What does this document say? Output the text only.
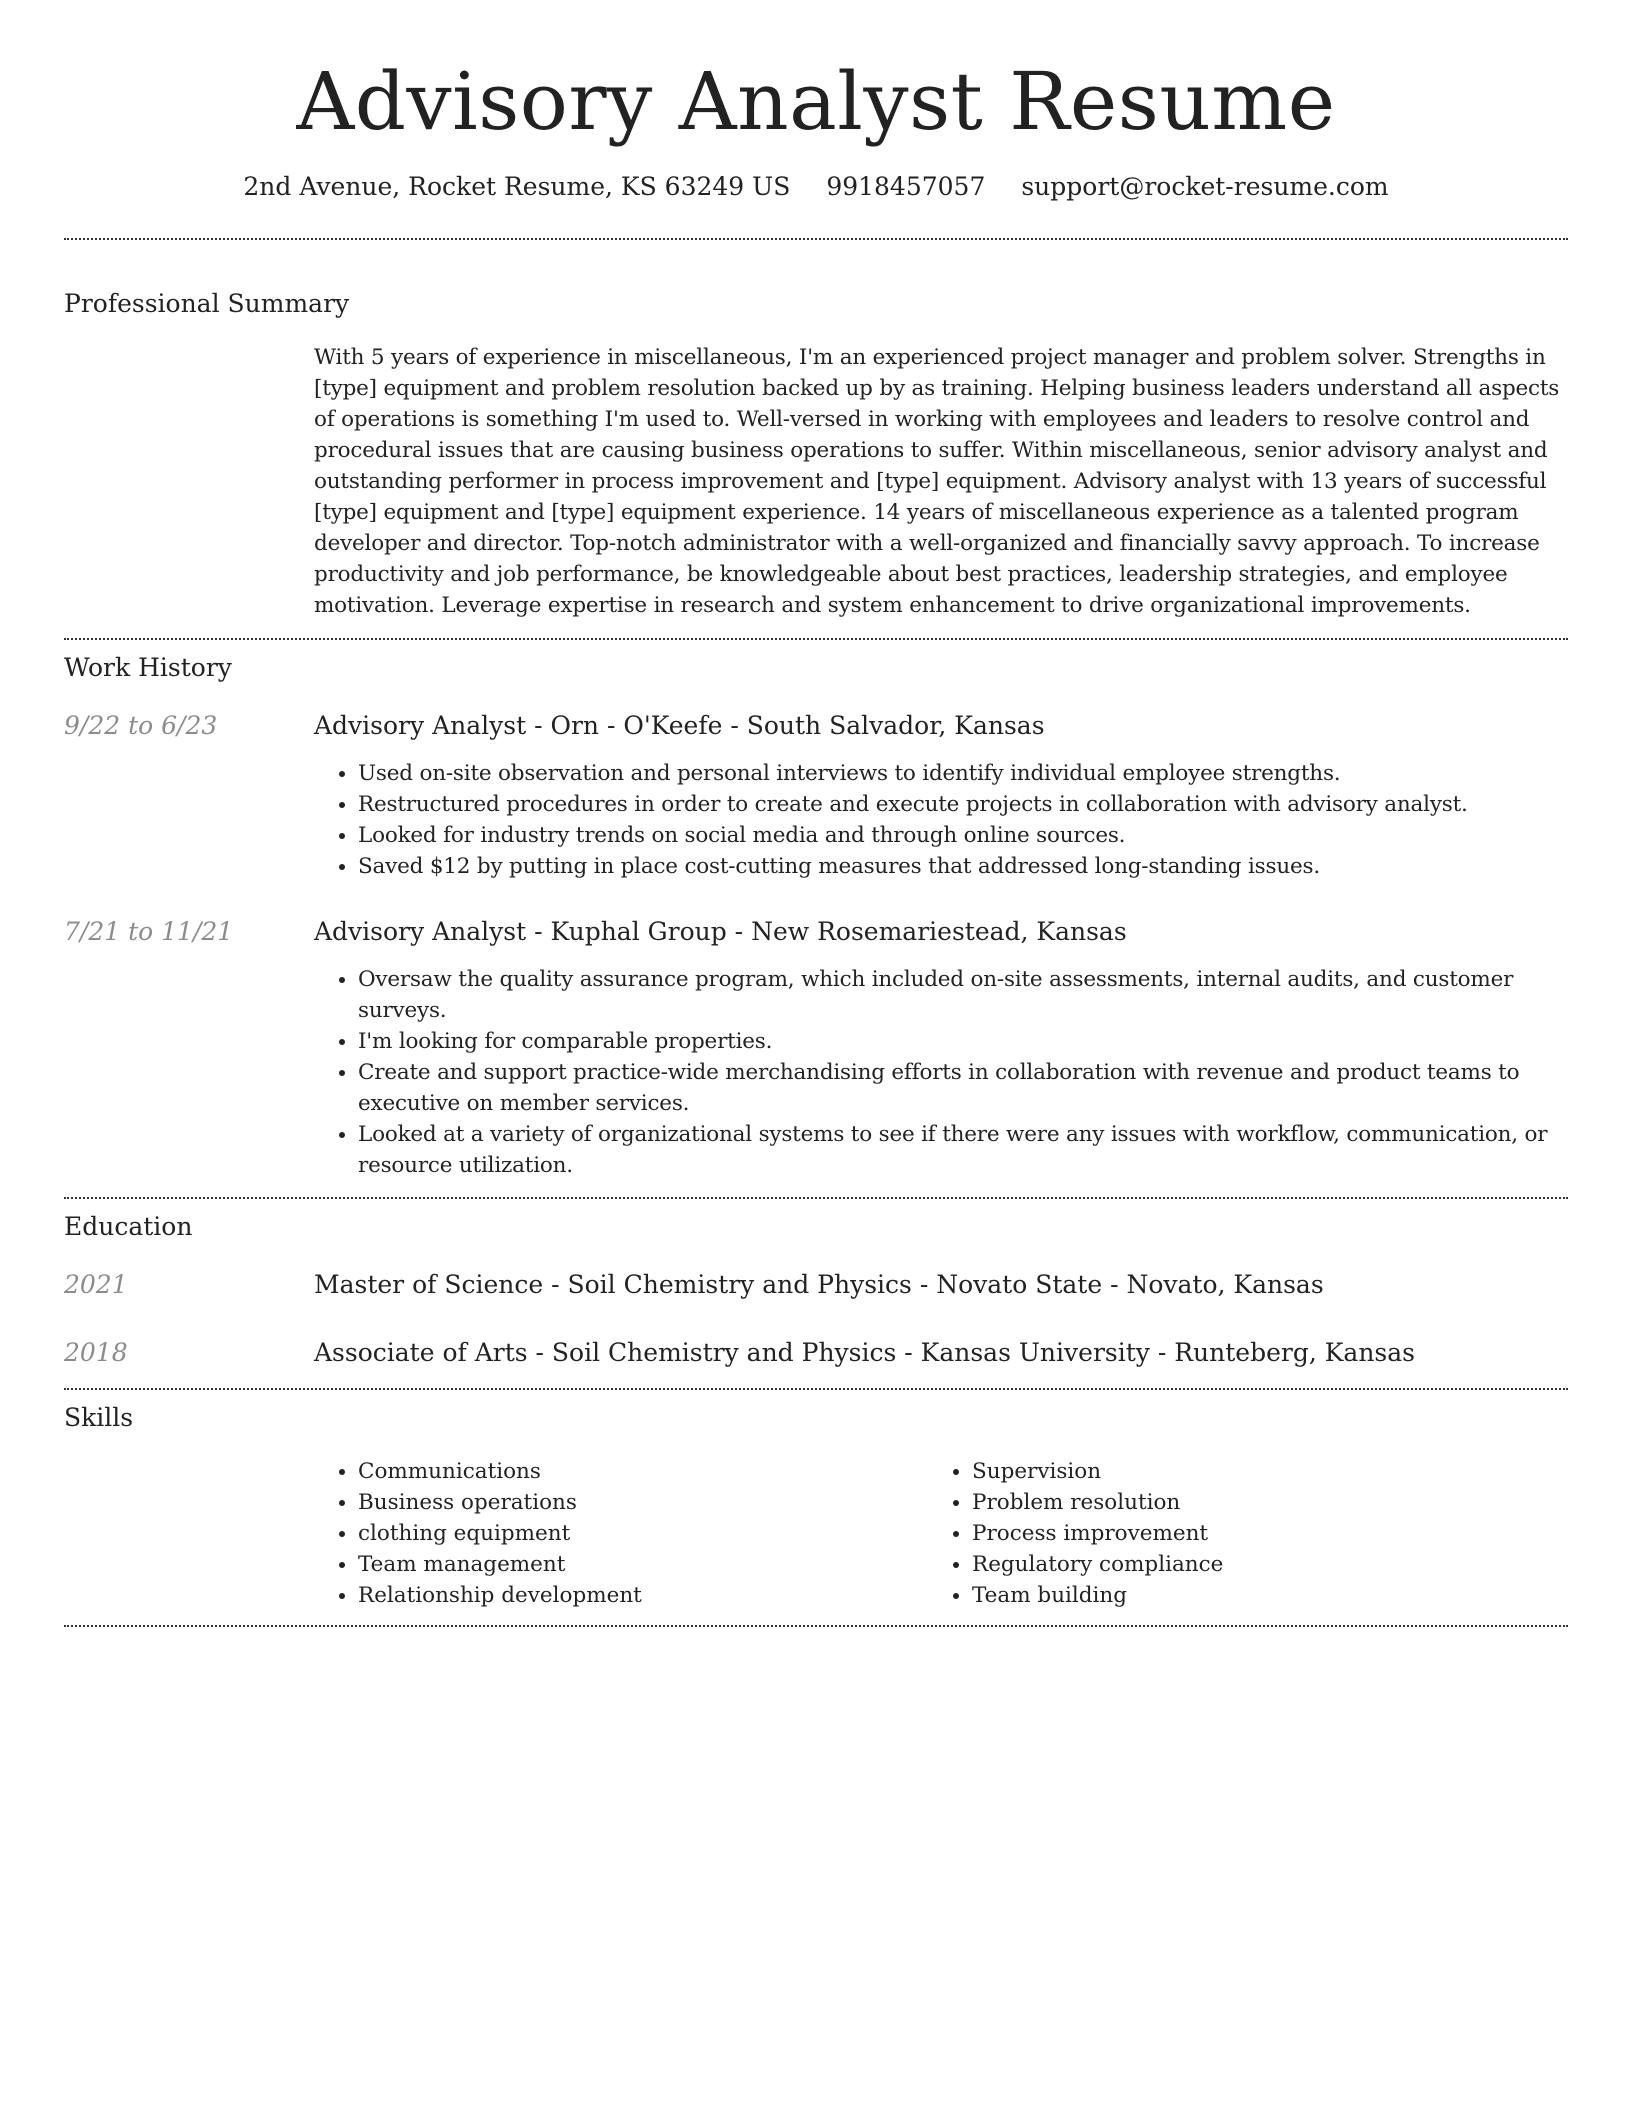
Advisory Analyst Resume
2nd Avenue, Rocket Resume, KS 63249 US 9918457057 support@rocket-resume.com
Professional Summary

With 5 years of experience in miscellaneous, I'm an experienced project manager and problem solver. Strengths in [type] equipment and problem resolution backed up by as training. Helping business leaders understand all aspects of operations is something I'm used to. Well-versed in working with employees and leaders to resolve control and procedural issues that are causing business operations to suffer. Within miscellaneous, senior advisory analyst and outstanding performer in process improvement and [type] equipment. Advisory analyst with 13 years of successful [type] equipment and [type] equipment experience. 14 years of miscellaneous experience as a talented program developer and director. Top-notch administrator with a well-organized and financially savvy approach. To increase productivity and job performance, be knowledgeable about best practices, leadership strategies, and employee motivation. Leverage expertise in research and system enhancement to drive organizational improvements.

Work History
9/22 to 6/23	Advisory Analyst - Orn - O'Keefe - South Salvador, Kansas
• Used on-site observation and personal interviews to identify individual employee strengths.
• Restructured procedures in order to create and execute projects in collaboration with advisory analyst.
• Looked for industry trends on social media and through online sources.
• Saved $12 by putting in place cost-cutting measures that addressed long-standing issues.
7/21 to 11/21	Advisory Analyst - Kuphal Group - New Rosemariestead, Kansas
• Oversaw the quality assurance program, which included on-site assessments, internal audits, and customer surveys.
• I'm looking for comparable properties.
• Create and support practice-wide merchandising efforts in collaboration with revenue and product teams to executive on member services.
• Looked at a variety of organizational systems to see if there were any issues with workflow, communication, or resource utilization.
Education
2021	Master of Science - Soil Chemistry and Physics - Novato State - Novato, Kansas
2018	Associate of Arts - Soil Chemistry and Physics - Kansas University - Runteberg, Kansas
Skills
• Communications
• Business operations
• clothing equipment
• Team management
• Relationship development
• Supervision
• Problem resolution
• Process improvement
• Regulatory compliance
• Team building
